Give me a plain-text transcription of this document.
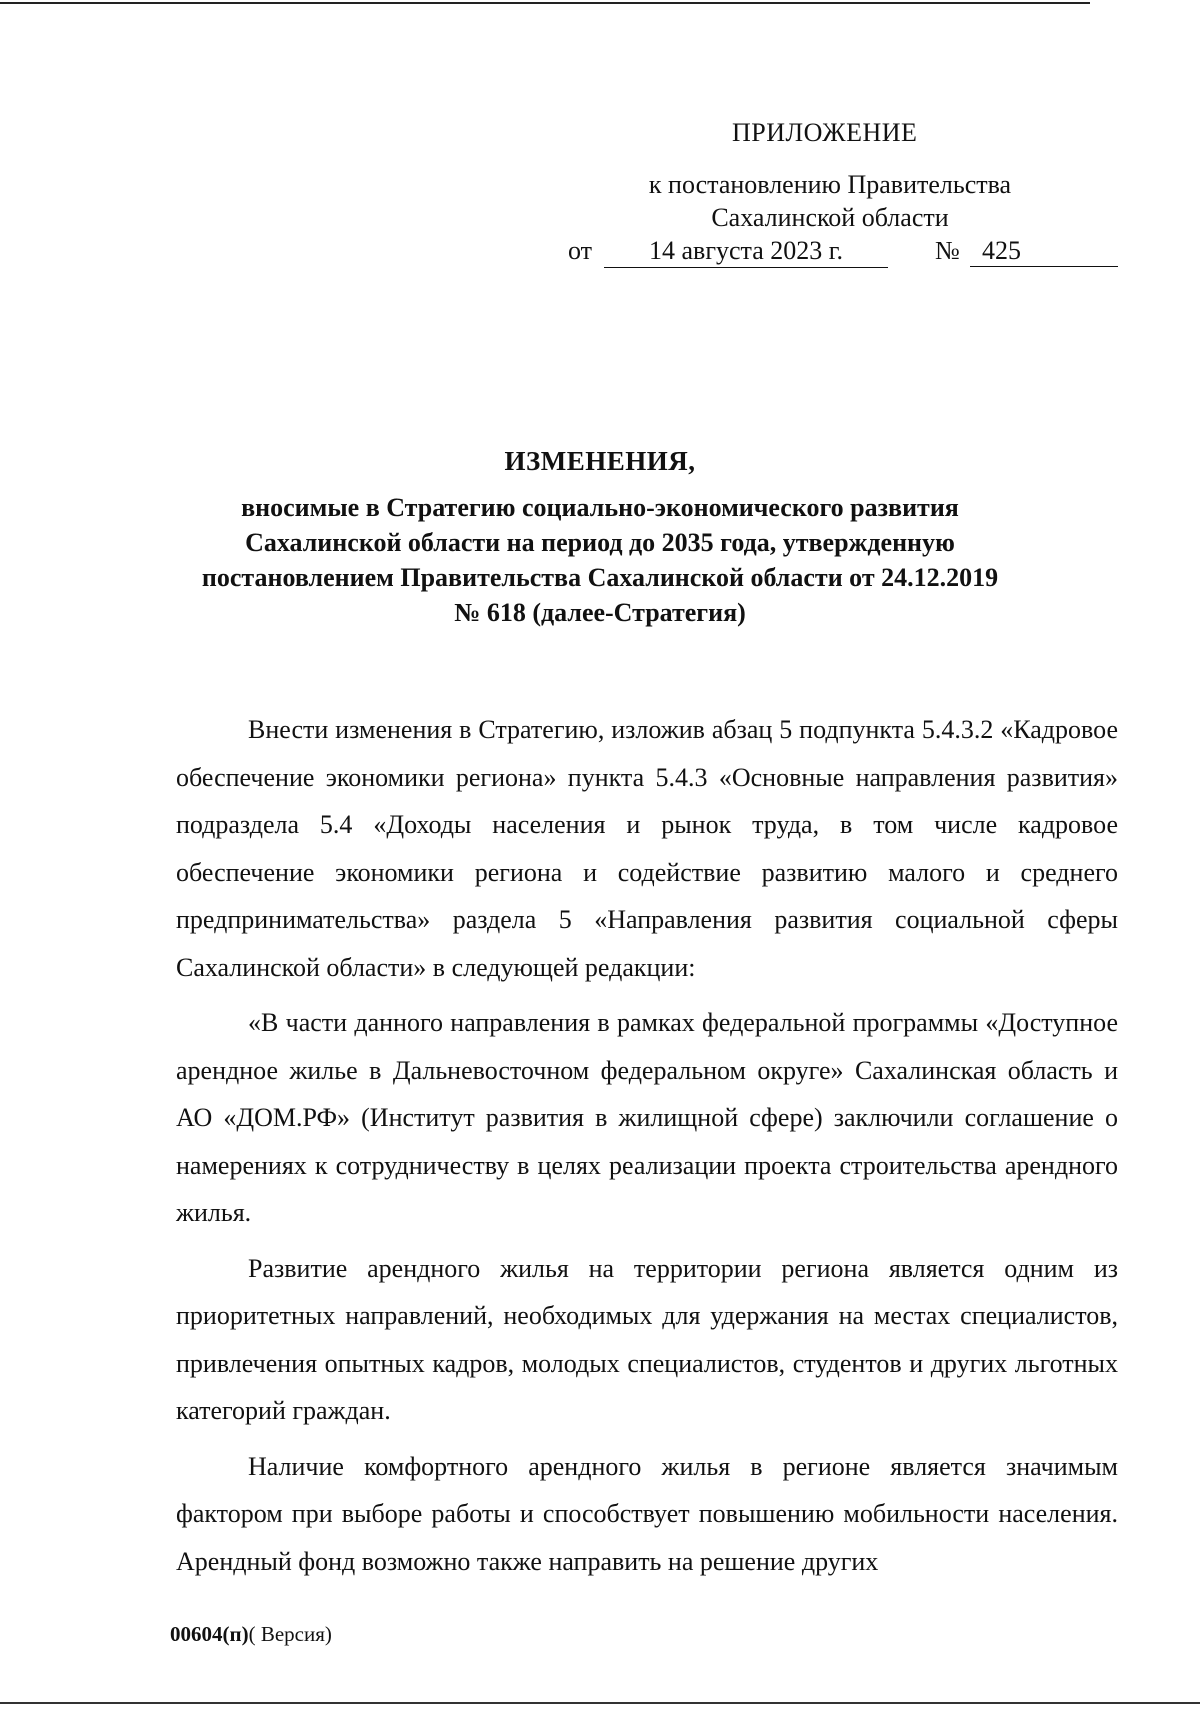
ПРИЛОЖЕНИЕ
к постановлению Правительства
Сахалинской области
от	14 августа 2023 г.	№ 425
ИЗМЕНЕНИЯ,
вносимые в Стратегию социально-экономического развития
Сахалинской области на период до 2035 года, утвержденную
постановлением Правительства Сахалинской области от 24.12.2019
№ 618 (далее-Стратегия)

Внести изменения в Стратегию, изложив абзац 5 подпункта 5.4.3.2 «Кадровое обеспечение экономики региона» пункта 5.4.3 «Основные направления развития» подраздела 5.4 «Доходы населения и рынок труда, в том числе кадровое обеспечение экономики региона и содействие развитию малого и среднего предпринимательства» раздела 5 «Направления развития социальной сферы Сахалинской области» в следующей редакции:

«В части данного направления в рамках федеральной программы «Доступное арендное жилье в Дальневосточном федеральном округе» Сахалинская область и АО «ДОМ.РФ» (Институт развития в жилищной сфере) заключили соглашение о намерениях к сотрудничеству в целях реализации проекта строительства арендного жилья.

Развитие арендного жилья на территории региона является одним из приоритетных направлений, необходимых для удержания на местах специалистов, привлечения опытных кадров, молодых специалистов, студентов и других льготных категорий граждан.

Наличие комфортного арендного жилья в регионе является значимым фактором при выборе работы и способствует повышению мобильности населения. Арендный фонд возможно также направить на решение других

00604(п)( Версия)
